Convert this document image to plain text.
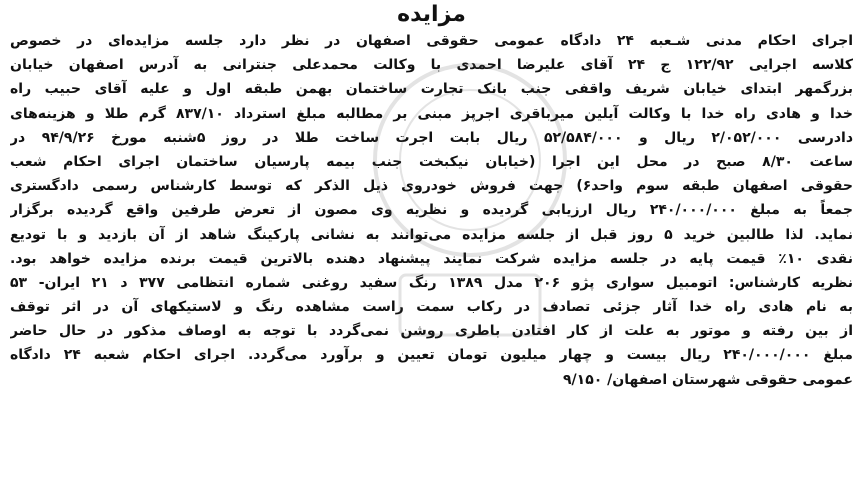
مزایده
اجرای احکام مدنی شـعبه ۲۴ دادگاه عمومی حقوقی اصفهان در نظر دارد جلسه مزایده‌ای در خصوص
کلاسه اجرایی ۱۲۲/۹۲ ج ۲۴ آقای علیرضا احمدی با وکالت محمدعلی جنترانی به آدرس اصفهان خیابان
بزرگمهر ابتدای خیابان شریف واقفی جنب بانک تجارت ساختمان بهمن طبقه اول و علیه آقای حبیب راه
خدا و هادی راه خدا با وکالت آیلین میرباقری اجرپز مبنی بر مطالبه مبلغ استرداد ۸۳۷/۱۰ گرم طلا و هزینه‌های
دادرسی ۲/۰۵۲/۰۰۰ ریال و ۵۲/۵۸۴/۰۰۰ ریال بابت اجرت ساخت طلا در روز ۵شنبه مورخ ۹۴/۹/۲۶ در
ساعت ۸/۳۰ صبح در محل این اجرا (خیابان نیکبخت جنب بیمه پارسیان ساختمان اجرای احکام شعب
حقوقی اصفهان طبقه سوم واحد۶) جهت فروش خودروی ذیل الذکر که توسط کارشناس رسمی دادگستری
جمعاً به مبلغ ۲۴۰/۰۰۰/۰۰۰ ریال ارزیابی گردیده و نظریه وی مصون از تعرض طرفین واقع گردیده برگزار
نماید. لذا طالبین خرید ۵ روز قبل از جلسه مزایده می‌توانند به نشانی پارکینگ شاهد از آن بازدید و با تودیع
نقدی ۱۰٪ قیمت پایه در جلسه مزایده شرکت نمایند پیشنهاد دهنده بالاترین قیمت برنده مزایده خواهد بود.
نظریه کارشناس: اتومبیل سواری پژو ۲۰۶ مدل ۱۳۸۹ رنگ سفید روغنی شماره انتظامی ۳۷۷ د ۲۱ ایران- ۵۳
به نام هادی راه خدا آثار جزئی تصادف در رکاب سمت راست مشاهده رنگ و لاستیکهای آن در اثر توقف
از بین رفته و موتور به علت از کار افتادن باطری روشن نمی‌گردد با توجه به اوصاف مذکور در حال حاضر
مبلغ ۲۴۰/۰۰۰/۰۰۰ ریال بیست و چهار میلیون تومان تعیین و برآورد می‌گردد. اجرای احکام شعبه ۲۴ دادگاه
عمومی حقوقی شهرستان اصفهان/ ۹/۱۵۰
